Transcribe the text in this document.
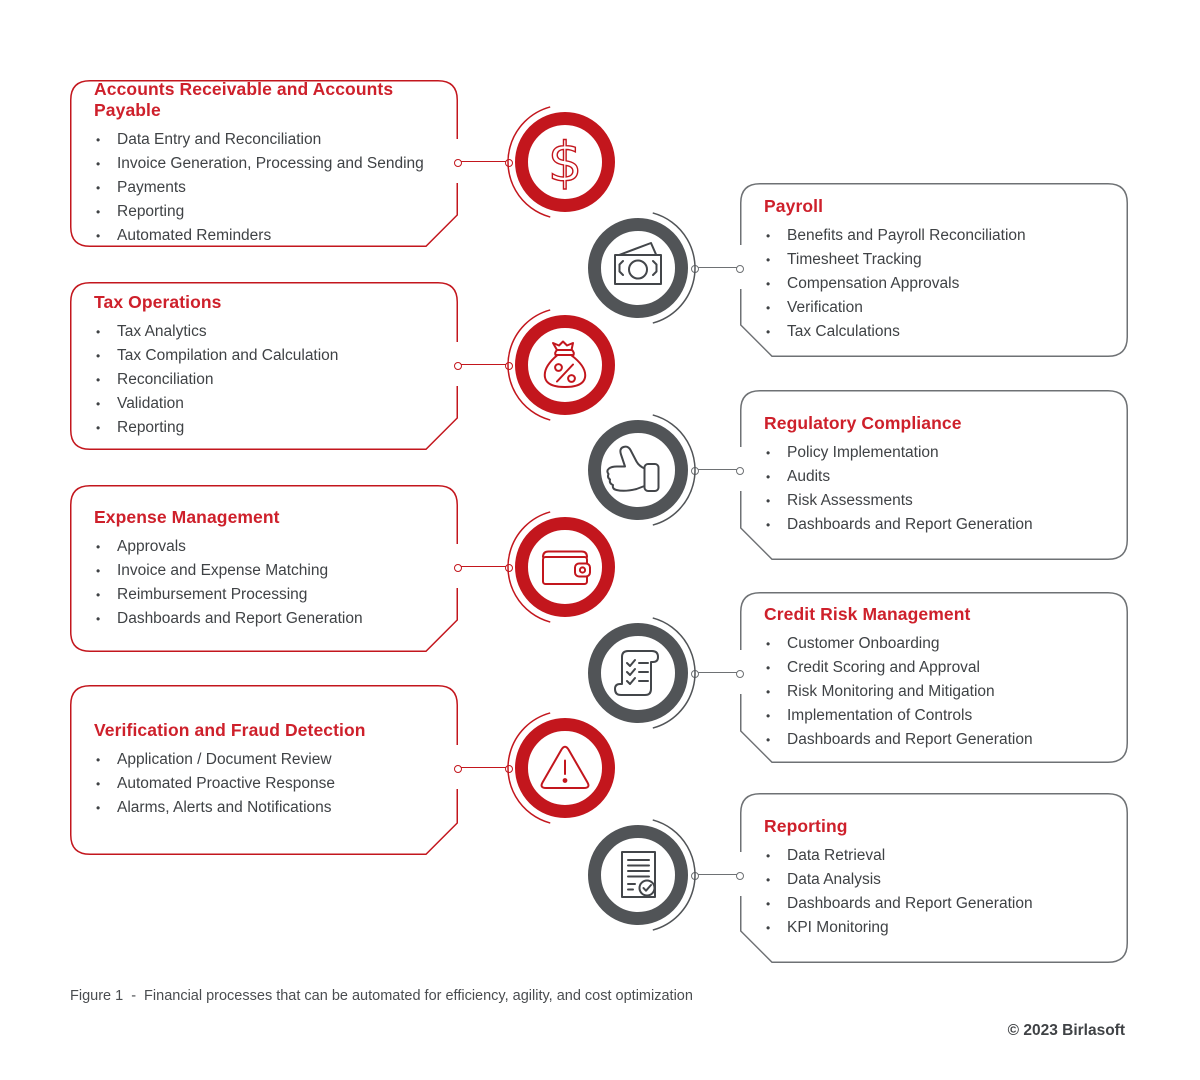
Accounts Receivable and Accounts Payable
•	Data Entry and Reconciliation
•	Invoice Generation, Processing and Sending
•	Payments
•	Reporting
•	Automated Reminders
Tax Operations
•	Tax Analytics
•	Tax Compilation and Calculation
•	Reconciliation
•	Validation
•	Reporting
Expense Management
•	Approvals
•	Invoice and Expense Matching
•	Reimbursement Processing
•	Dashboards and Report Generation
Verification and Fraud Detection
•	Application / Document Review
•	Automated Proactive Response
•	Alarms, Alerts and Notifications
Payroll
•	Benefits and Payroll Reconciliation
•	Timesheet Tracking
•	Compensation Approvals
•	Verification
•	Tax Calculations
Regulatory Compliance
•	Policy Implementation
•	Audits
•	Risk Assessments
•	Dashboards and Report Generation
Credit Risk Management
•	Customer Onboarding
•	Credit Scoring and Approval
•	Risk Monitoring and Mitigation
•	Implementation of Controls
•	Dashboards and Report Generation
Reporting
•	Data Retrieval
•	Data Analysis
•	Dashboards and Report Generation
•	KPI Monitoring
$
Figure 1 - Financial processes that can be automated for efficiency, agility, and cost optimization
© 2023 Birlasoft
